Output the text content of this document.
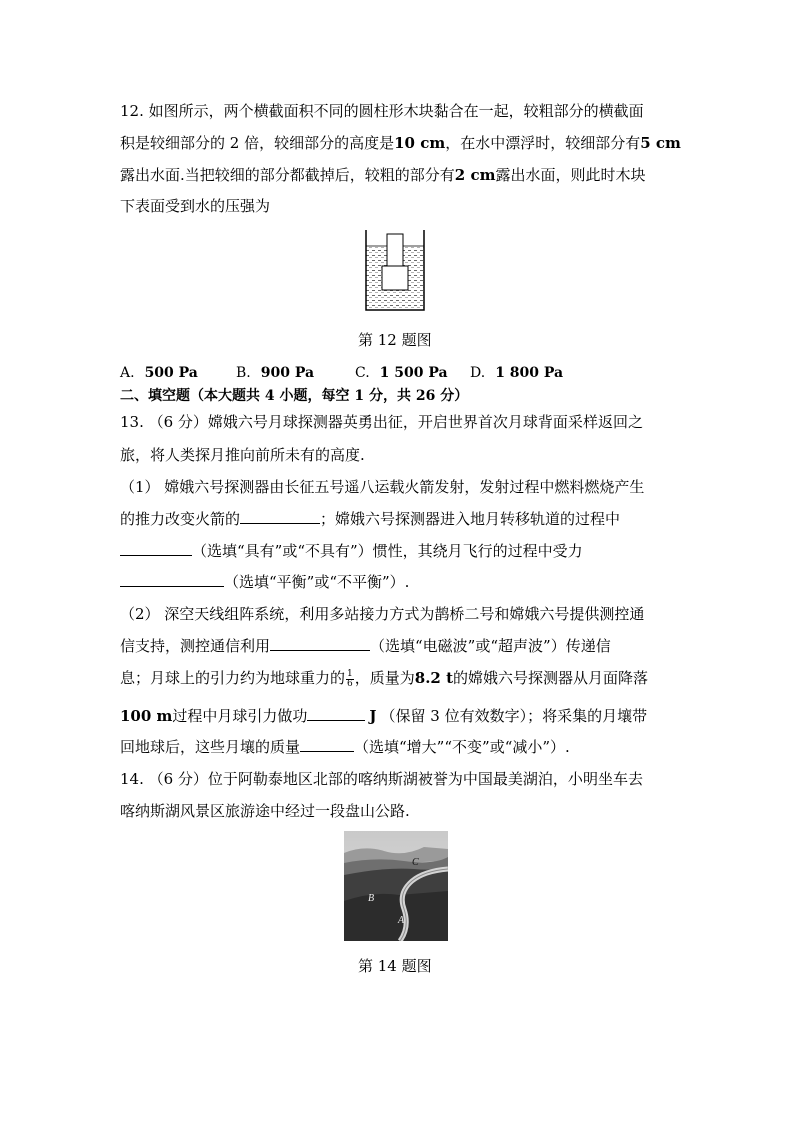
12. 如图所示，两个横截面积不同的圆柱形木块黏合在一起，较粗部分的横截面
积是较细部分的 2 倍，较细部分的高度是10 cm，在水中漂浮时，较细部分有5 cm
露出水面.当把较细的部分都截掉后，较粗的部分有2 cm露出水面，则此时木块
下表面受到水的压强为
第 12 题图
A. 500 Pa	B. 900 Pa	C. 1 500 Pa D. 1 800 Pa
二、填空题（本大题共 4 小题，每空 1 分，共 26 分）
13. （6 分）嫦娥六号月球探测器英勇出征，开启世界首次月球背面采样返回之
旅，将人类探月推向前所未有的高度.
（1） 嫦娥六号探测器由长征五号遥八运载火箭发射，发射过程中燃料燃烧产生
的推力改变火箭的	；嫦娥六号探测器进入地月转移轨道的过程中
（选填“具有”或“不具有”）惯性，其绕月飞行的过程中受力
（选填“平衡”或“不平衡”）.
（2） 深空天线组阵系统，利用多站接力方式为鹊桥二号和嫦娥六号提供测控通
信支持，测控通信利用	（选填“电磁波”或“超声波”）传递信
息；月球上的引力约为地球重力的 $\frac{1}{6}$ ，质量为8.2 t的嫦娥六号探测器从月面降落
100 m过程中月球引力做功	J （保留 3 位有效数字）；将采集的月壤带
回地球后，这些月壤的质量	（选填“增大”“不变”或“减小”）.
14. （6 分）位于阿勒泰地区北部的喀纳斯湖被誉为中国最美湖泊，小明坐车去
喀纳斯湖风景区旅游途中经过一段盘山公路.
C
B
A
第 14 题图
